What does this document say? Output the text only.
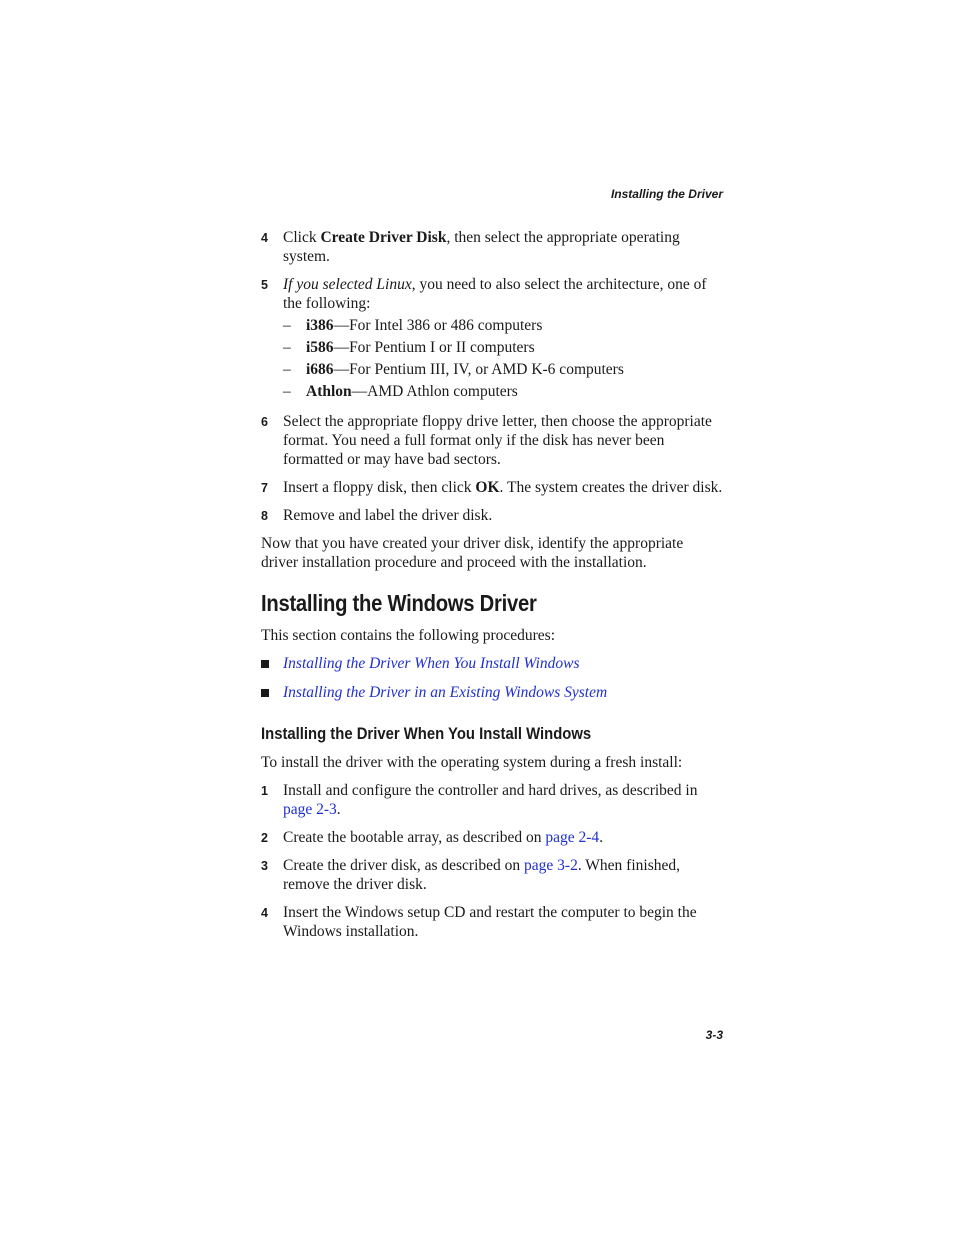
Installing the Driver
4 Click Create Driver Disk, then select the appropriate operating system.
5 If you selected Linux, you need to also select the architecture, one of the following:
– i386—For Intel 386 or 486 computers
– i586—For Pentium I or II computers
– i686—For Pentium III, IV, or AMD K-6 computers
– Athlon—AMD Athlon computers
6 Select the appropriate floppy drive letter, then choose the appropriate format. You need a full format only if the disk has never been formatted or may have bad sectors.
7 Insert a floppy disk, then click OK. The system creates the driver disk.
8 Remove and label the driver disk.

Now that you have created your driver disk, identify the appropriate driver installation procedure and proceed with the installation.

Installing the Windows Driver

This section contains the following procedures:

Installing the Driver When You Install Windows
Installing the Driver in an Existing Windows System
Installing the Driver When You Install Windows

To install the driver with the operating system during a fresh install:

1 Install and configure the controller and hard drives, as described in page 2-3.
2 Create the bootable array, as described on page 2-4.
3 Create the driver disk, as described on page 3-2. When finished, remove the driver disk.
4 Insert the Windows setup CD and restart the computer to begin the Windows installation.
3-3
